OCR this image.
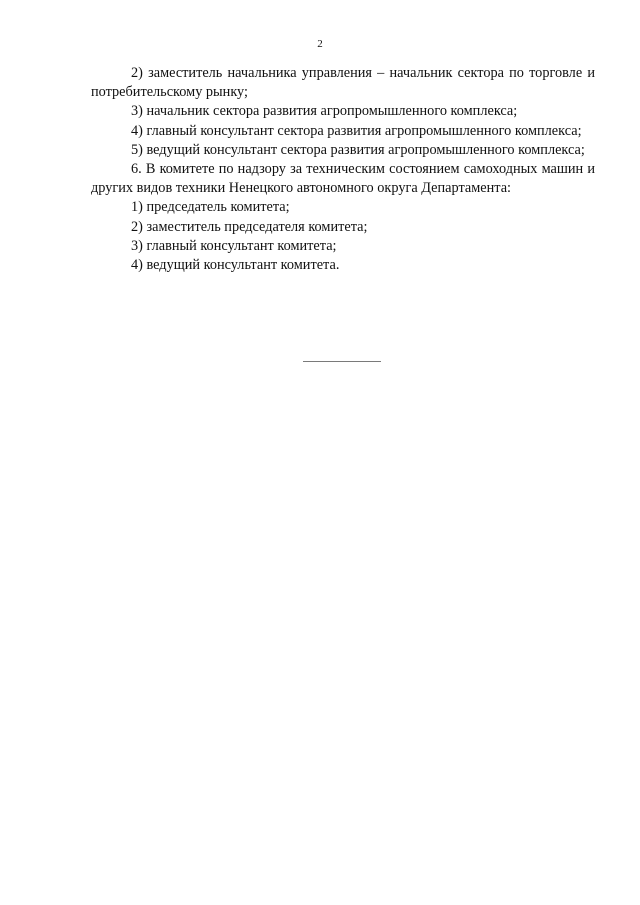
2

2) заместитель начальника управления – начальник сектора по торговле и потребительскому рынку;

3) начальник сектора развития агропромышленного комплекса;

4) главный консультант сектора развития агропромышленного комплекса;

5) ведущий консультант сектора развития агропромышленного комплекса;

6. В комитете по надзору за техническим состоянием самоходных машин и других видов техники Ненецкого автономного округа Департамента:

1) председатель комитета;

2) заместитель председателя комитета;

3) главный консультант комитета;

4) ведущий консультант комитета.
